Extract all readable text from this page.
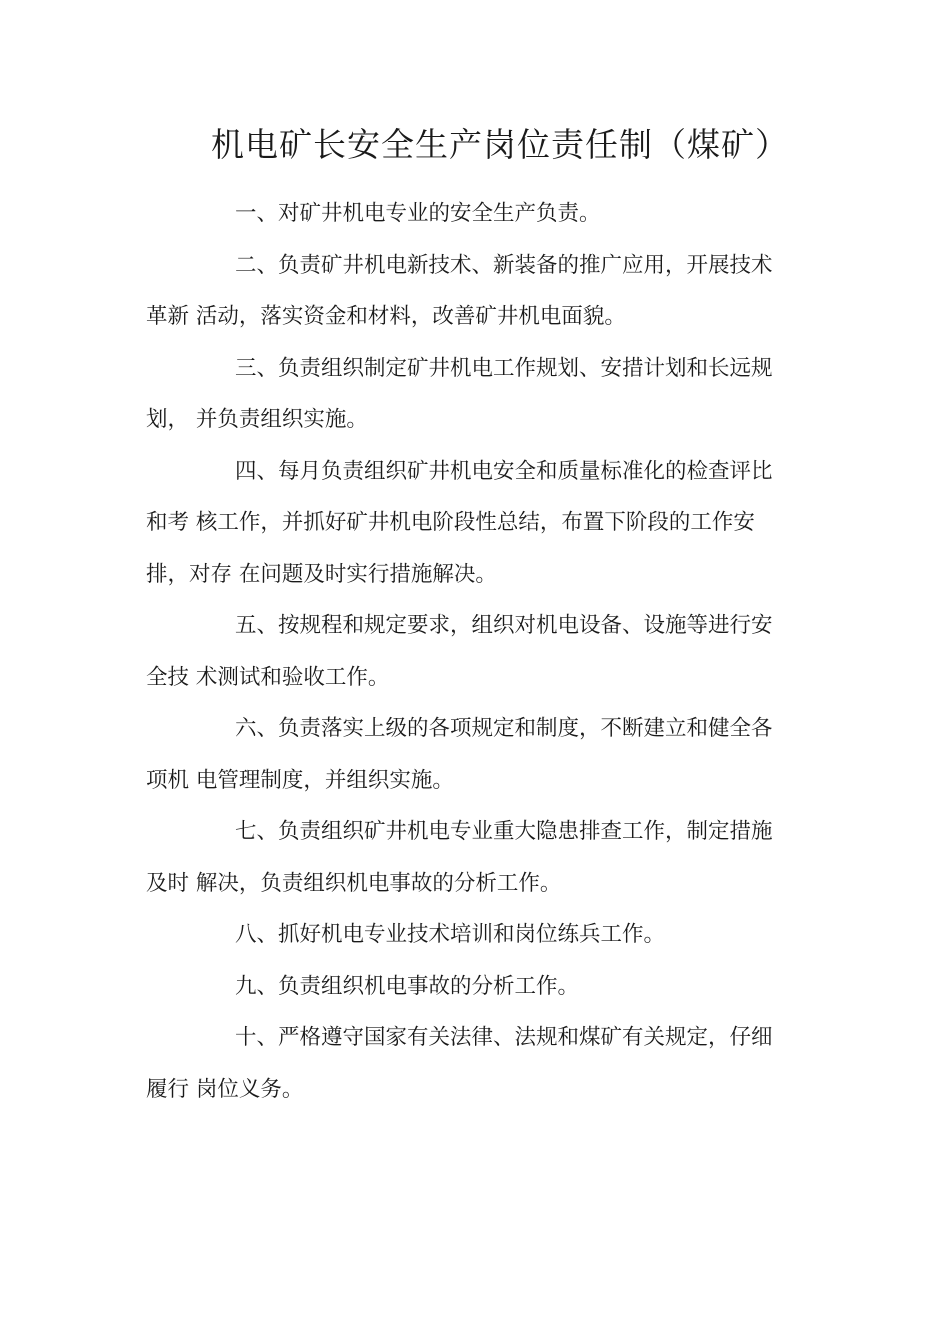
机电矿长安全生产岗位责任制（煤矿）

一、对矿井机电专业的安全生产负责。

二、负责矿井机电新技术、新装备的推广应用，开展技术
革新 活动，落实资金和材料，改善矿井机电面貌。

三、负责组织制定矿井机电工作规划、安措计划和长远规
划， 并负责组织实施。

四、每月负责组织矿井机电安全和质量标准化的检查评比
和考 核工作，并抓好矿井机电阶段性总结，布置下阶段的工作安
排，对存 在问题及时实行措施解决。

五、按规程和规定要求，组织对机电设备、设施等进行安
全技 术测试和验收工作。

六、负责落实上级的各项规定和制度，不断建立和健全各
项机 电管理制度，并组织实施。

七、负责组织矿井机电专业重大隐患排查工作，制定措施
及时 解决，负责组织机电事故的分析工作。

八、抓好机电专业技术培训和岗位练兵工作。

九、负责组织机电事故的分析工作。

十、严格遵守国家有关法律、法规和煤矿有关规定，仔细
履行 岗位义务。
